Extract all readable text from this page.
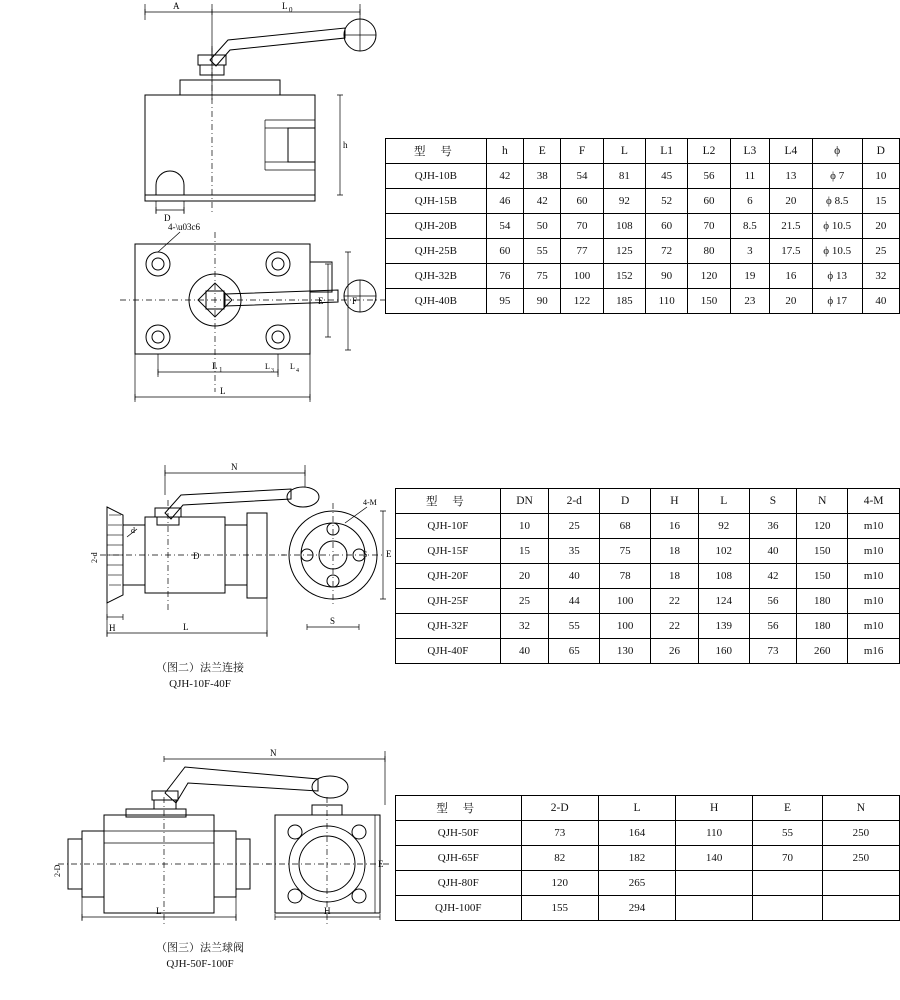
A	L 0
D
h
4-\u03c6
E	F
L 1	L 3 L 4
L
型 号	h	E	F	L	L1	L2	L3	L4	ϕ	D
QJH-10B	42	38	54	81	45	56	11	13	ϕ 7	10
QJH-15B	46	42	60	92	52	60	6	20	ϕ 8.5	15
QJH-20B	54	50	70	108	60	70	8.5	21.5	ϕ 10.5	20
QJH-25B	60	55	77	125	72	80	3	17.5	ϕ 10.5	25
QJH-32B	76	75	100	152	90	120	19	16	ϕ 13	32
QJH-40B	95	90	122	185	110	150	23	20	ϕ 17	40
N
2-d
d
D
H	L
4-M
E
S
S
（图二）法兰连接
QJH-10F-40F
型 号	DN	2-d	D	H	L	S	N	4-M
QJH-10F	10	25	68	16	92	36	120	m10
QJH-15F	15	35	75	18	102	40	150	m10
QJH-20F	20	40	78	18	108	42	150	m10
QJH-25F	25	44	100	22	124	56	180	m10
QJH-32F	32	55	100	22	139	56	180	m10
QJH-40F	40	65	130	26	160	73	260	m16
2-D
L
N
E
H
（图三）法兰球阀
QJH-50F-100F
型 号	2-D	L	H	E	N
QJH-50F	73	164	110	55	250
QJH-65F	82	182	140	70	250
QJH-80F	120	265			
QJH-100F	155	294			
